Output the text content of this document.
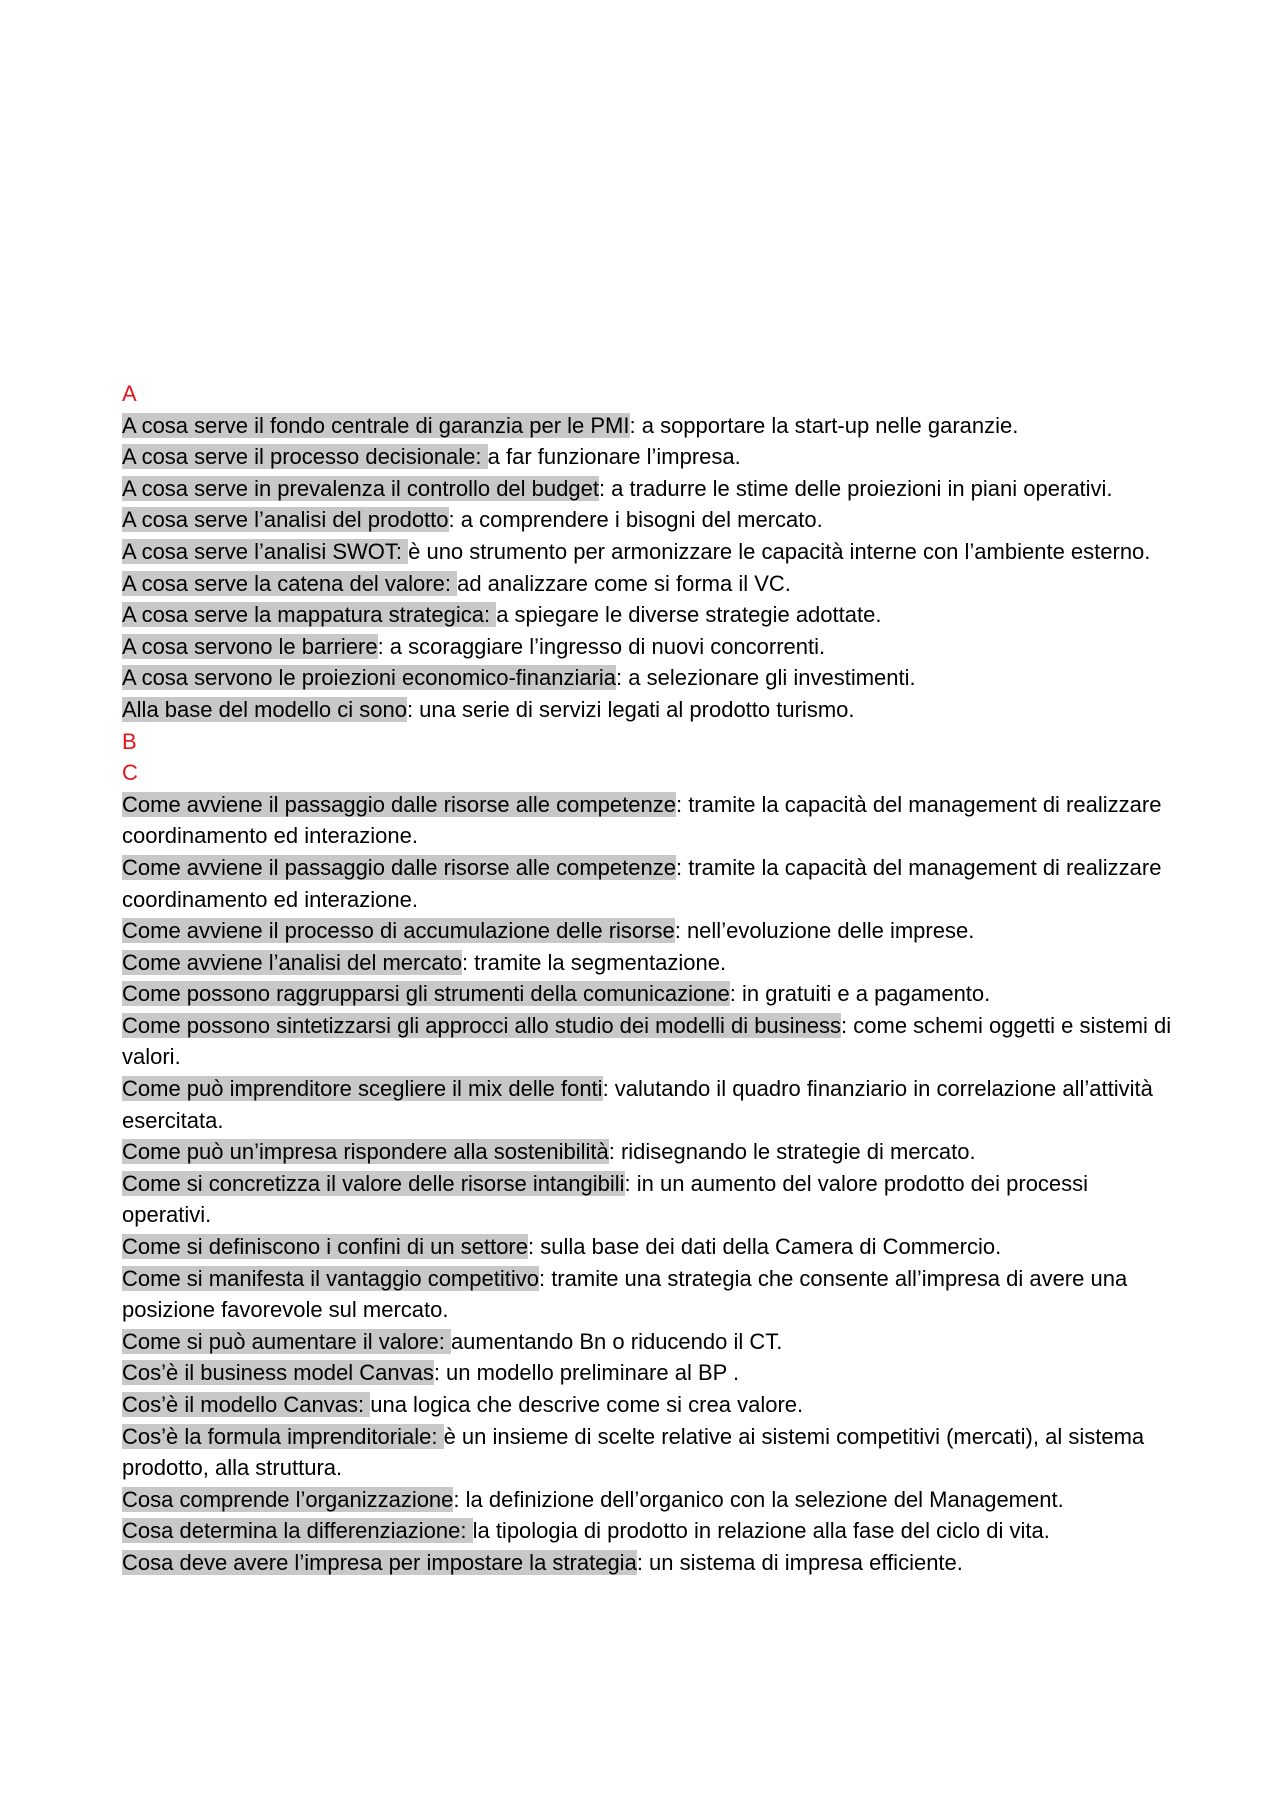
A

A cosa serve il fondo centrale di garanzia per le PMI: a sopportare la start-up nelle garanzie.

A cosa serve il processo decisionale: a far funzionare l’impresa.

A cosa serve in prevalenza il controllo del budget: a tradurre le stime delle proiezioni in piani operativi.

A cosa serve l’analisi del prodotto: a comprendere i bisogni del mercato.

A cosa serve l’analisi SWOT: è uno strumento per armonizzare le capacità interne con l’ambiente esterno.

A cosa serve la catena del valore: ad analizzare come si forma il VC.

A cosa serve la mappatura strategica: a spiegare le diverse strategie adottate.

A cosa servono le barriere: a scoraggiare l’ingresso di nuovi concorrenti.

A cosa servono le proiezioni economico-finanziaria: a selezionare gli investimenti.

Alla base del modello ci sono: una serie di servizi legati al prodotto turismo.

B

C

Come avviene il passaggio dalle risorse alle competenze: tramite la capacità del management di realizzare coordinamento ed interazione.

Come avviene il passaggio dalle risorse alle competenze: tramite la capacità del management di realizzare coordinamento ed interazione.

Come avviene il processo di accumulazione delle risorse: nell’evoluzione delle imprese.

Come avviene l’analisi del mercato: tramite la segmentazione.

Come possono raggrupparsi gli strumenti della comunicazione: in gratuiti e a pagamento.

Come possono sintetizzarsi gli approcci allo studio dei modelli di business: come schemi oggetti e sistemi di valori.

Come può imprenditore scegliere il mix delle fonti: valutando il quadro finanziario in correlazione all’attività esercitata.

Come può un’impresa rispondere alla sostenibilità: ridisegnando le strategie di mercato.

Come si concretizza il valore delle risorse intangibili: in un aumento del valore prodotto dei processi operativi.

Come si definiscono i confini di un settore: sulla base dei dati della Camera di Commercio.

Come si manifesta il vantaggio competitivo: tramite una strategia che consente all’impresa di avere una posizione favorevole sul mercato.

Come si può aumentare il valore: aumentando Bn o riducendo il CT.

Cos’è il business model Canvas: un modello preliminare al BP .

Cos’è il modello Canvas: una logica che descrive come si crea valore.

Cos’è la formula imprenditoriale: è un insieme di scelte relative ai sistemi competitivi (mercati), al sistema prodotto, alla struttura.

Cosa comprende l’organizzazione: la definizione dell’organico con la selezione del Management.

Cosa determina la differenziazione: la tipologia di prodotto in relazione alla fase del ciclo di vita.

Cosa deve avere l’impresa per impostare la strategia: un sistema di impresa efficiente.
